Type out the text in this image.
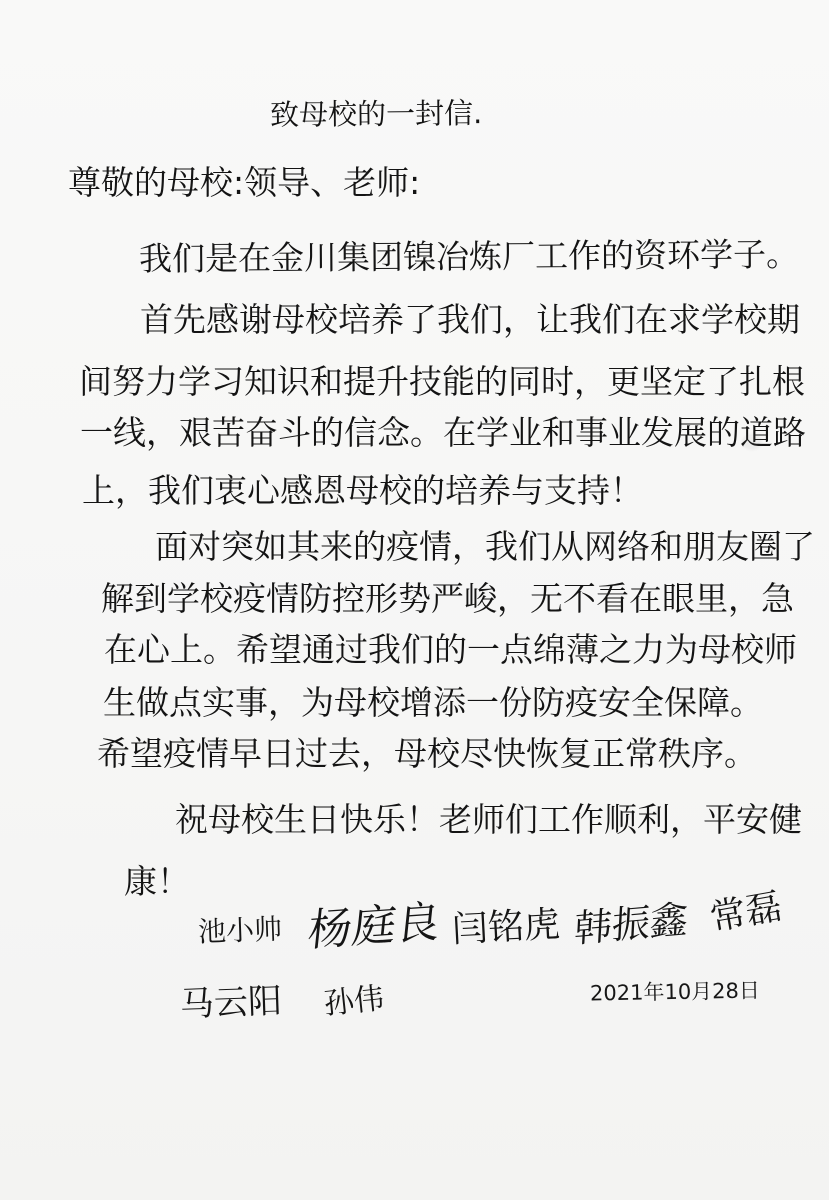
致母校的一封信.
尊敬的母校:领导、老师:
我们是在金川集团镍冶炼厂工作的资环学子。
首先感谢母校培养了我们，让我们在求学校期
间努力学习知识和提升技能的同时，更坚定了扎根
一线，艰苦奋斗的信念。在学业和事业发展的道路
上，我们衷心感恩母校的培养与支持！
面对突如其来的疫情，我们从网络和朋友圈了
解到学校疫情防控形势严峻，无不看在眼里，急
在心上。希望通过我们的一点绵薄之力为母校师
生做点实事，为母校增添一份防疫安全保障。
希望疫情早日过去，母校尽快恢复正常秩序。
祝母校生日快乐！老师们工作顺利，平安健
康！
池小帅 杨庭良 闫铭虎 韩振鑫 常磊
马云阳 孙伟	2021年10月28日
